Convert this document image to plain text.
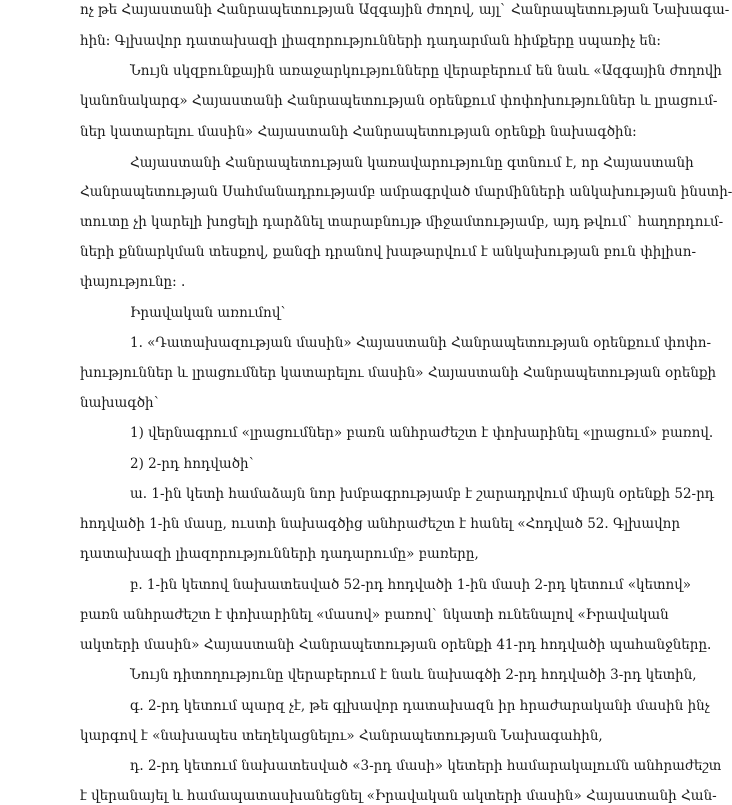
ոչ թե Հայաստանի Հանրապետության Ազգային ժողով, այլ` Հանրապետության Նախագա-
հին: Գլխավոր դատախազի լիազորությունների դադարման հիմքերը սպառիչ են:
Նույն սկզբունքային առաջարկությունները վերաբերում են նաև «Ազգային ժողովի
կանոնակարգ» Հայաստանի Հանրապետության օրենքում փոփոխություններ և լրացում-
ներ կատարելու մասին» Հայաստանի Հանրապետության օրենքի նախագծին:
Հայաստանի Հանրապետության կառավարությունը գտնում է, որ Հայաստանի
Հանրապետության Սահմանադրությամբ ամրագրված մարմինների անկախության ինստի-
տուտը չի կարելի խոցելի դարձնել տարաբնույթ միջամտությամբ, այդ թվում` հաղորդում-
ների քննարկման տեսքով, քանզի դրանով խաթարվում է անկախության բուն փիլիսո-
փայությունը: .
Իրավական առումով`
1. «Դատախազության մասին» Հայաստանի Հանրապետության օրենքում փոփո-
խություններ և լրացումներ կատարելու մասին» Հայաստանի Հանրապետության օրենքի
նախագծի`
1) վերնագրում «լրացումներ» բառն անհրաժեշտ է փոխարինել «լրացում» բառով.
2) 2-րդ հոդվածի`
ա. 1-ին կետի համաձայն նոր խմբագրությամբ է շարադրվում միայն օրենքի 52-րդ
հոդվածի 1-ին մասը, ուստի նախագծից անհրաժեշտ է հանել «Հոդված 52. Գլխավոր
դատախազի լիազորությունների դադարումը» բառերը,
բ. 1-ին կետով նախատեսված 52-րդ հոդվածի 1-ին մասի 2-րդ կետում «կետով»
բառն անհրաժեշտ է փոխարինել «մասով» բառով` նկատի ունենալով «Իրավական
ակտերի մասին» Հայաստանի Հանրապետության օրենքի 41-րդ հոդվածի պահանջները.
Նույն դիտողությունը վերաբերում է նաև նախագծի 2-րդ հոդվածի 3-րդ կետին,
գ. 2-րդ կետում պարզ չէ, թե գլխավոր դատախազն իր հրաժարականի մասին ինչ
կարգով է «նախապես տեղեկացնելու» Հանրապետության Նախագահին,
դ. 2-րդ կետում նախատեսված «3-րդ մասի» կետերի համարակալումն անհրաժեշտ
է վերանայել և համապատասխանեցնել «Իրավական ակտերի մասին» Հայաստանի Հան-
